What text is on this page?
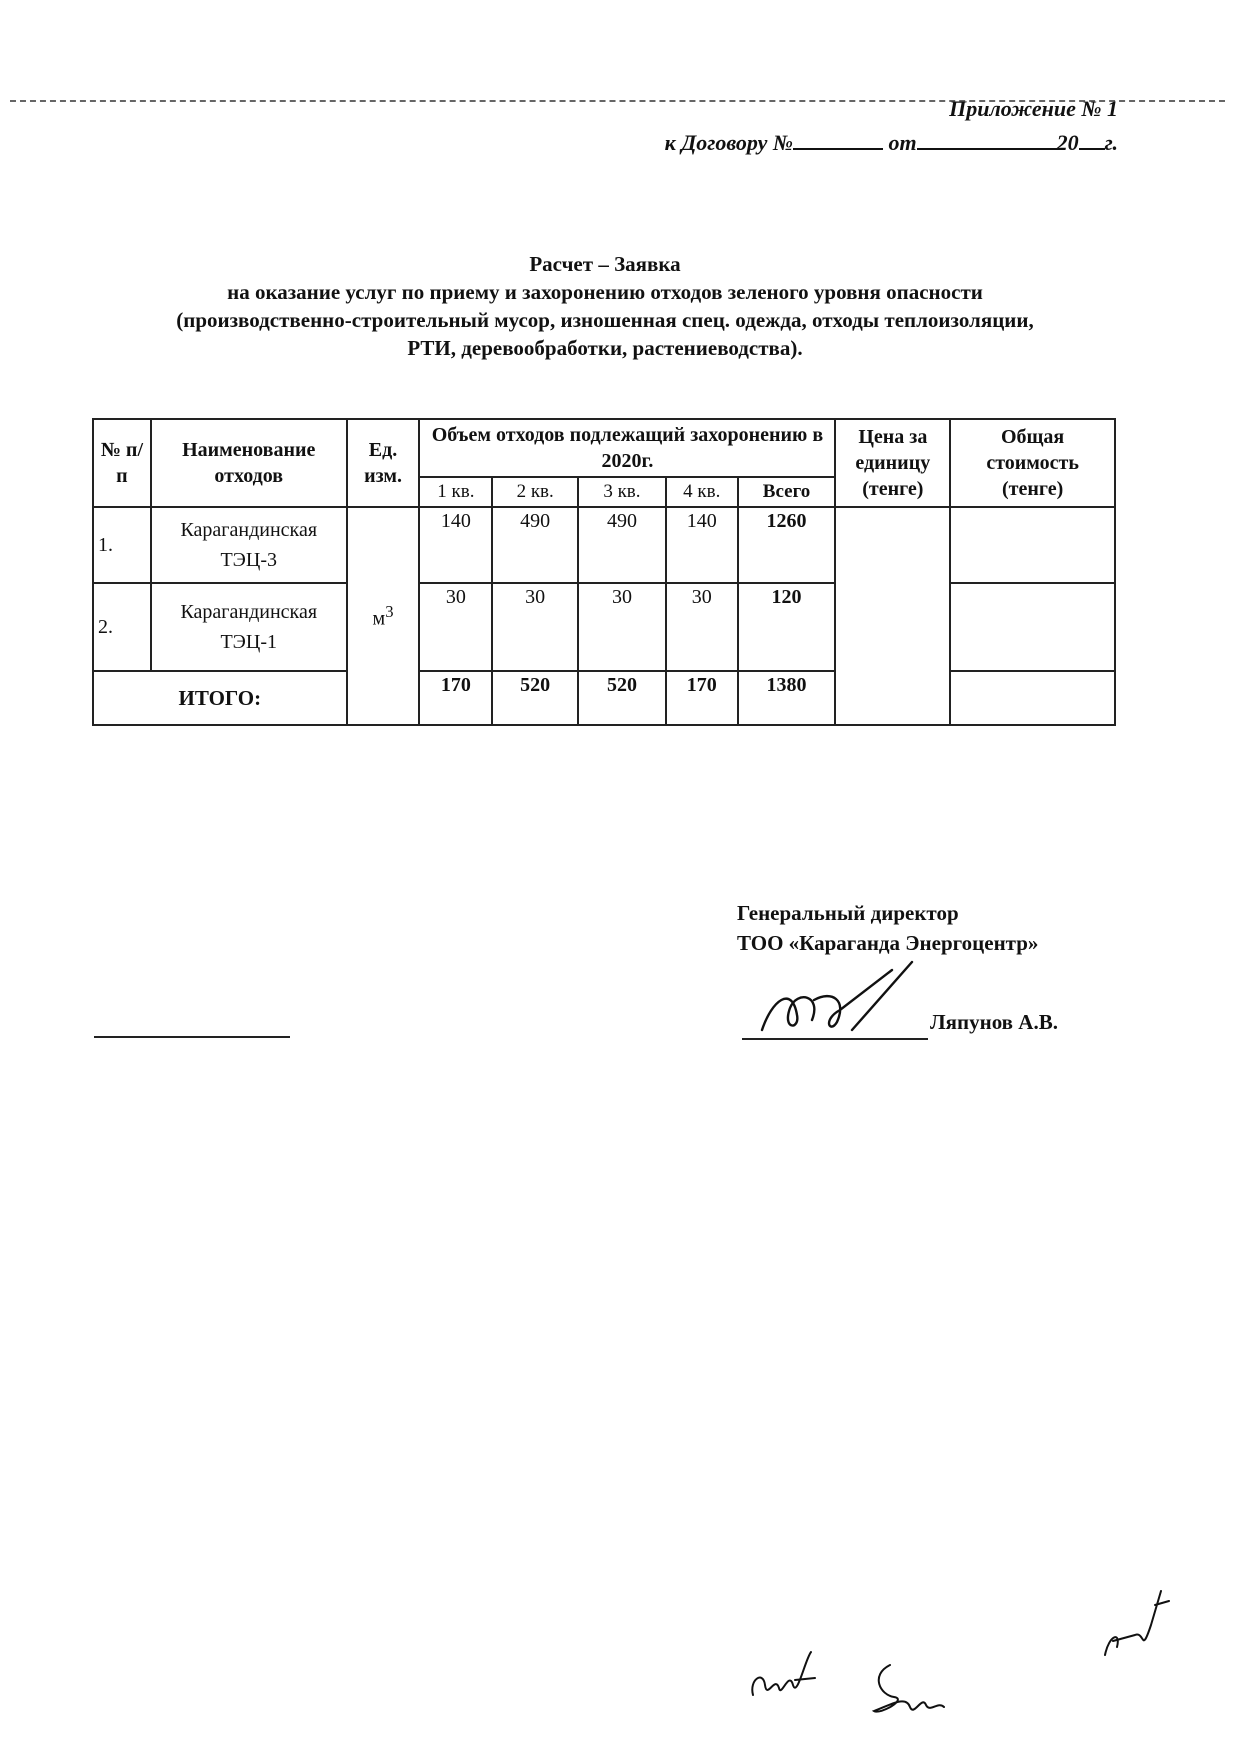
Приложение № 1
к Договору №	от	20 г.
Расчет – Заявка
на оказание услуг по приему и захоронению отходов зеленого уровня опасности
(производственно-строительный мусор, изношенная спец. одежда, отходы теплоизоляции,
РТИ, деревообработки, растениеводства).
№ п/п	Наименование отходов	Ед. изм.	Объем отходов подлежащий захоронению в 2020г.					Цена за единицу (тенге)	Общая стоимость (тенге)
			1 кв.	2 кв.	3 кв.	4 кв.	Всего		
1.	Карагандинская ТЭЦ-3	$м^3$	140	490	490	140	1260		
2.	Карагандинская ТЭЦ-1		30	30	30	30	120		
ИТОГО:			170	520	520	170	1380		
Генеральный директор
ТОО «Караганда Энергоцентр»
Ляпунов А.В.
